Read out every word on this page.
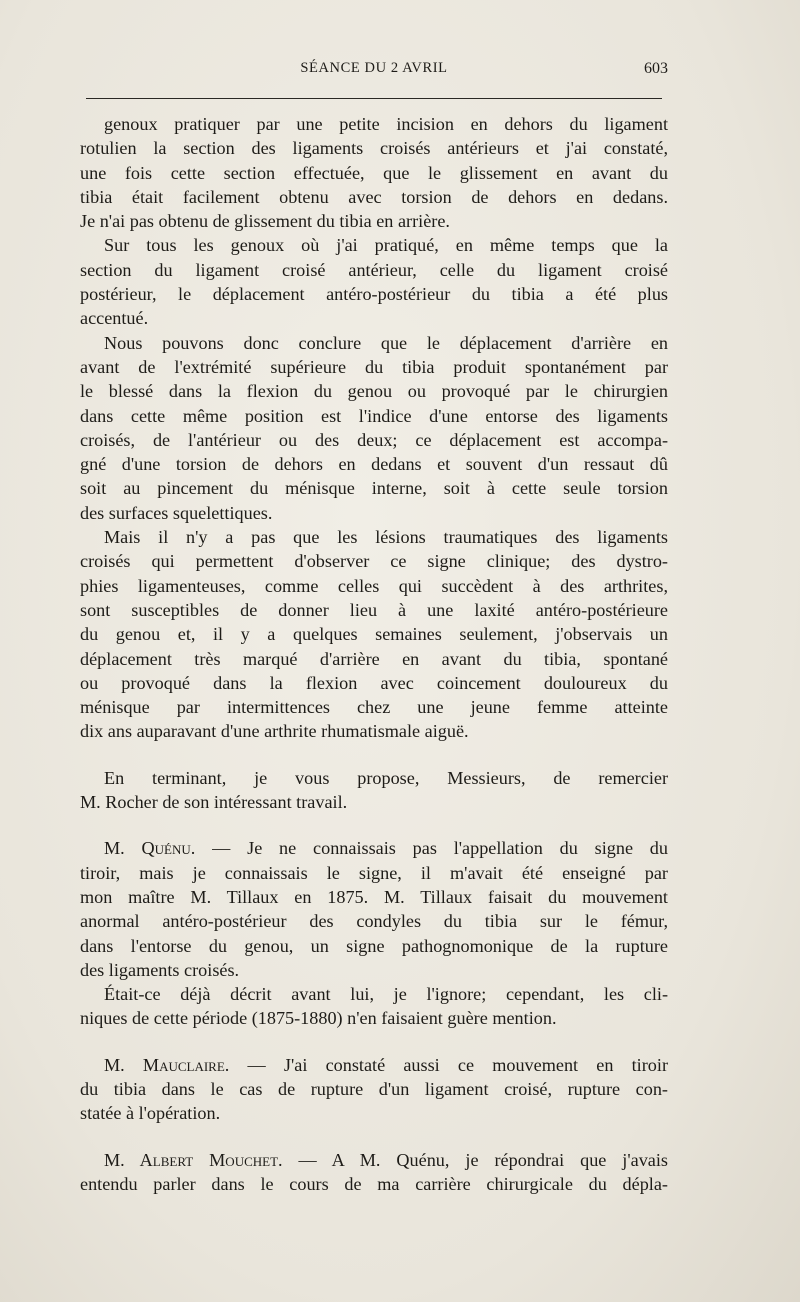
SÉANCE DU 2 AVRIL	603
genoux pratiquer par une petite incision en dehors du ligament
rotulien la section des ligaments croisés antérieurs et j'ai constaté,
une fois cette section effectuée, que le glissement en avant du
tibia était facilement obtenu avec torsion de dehors en dedans.
Je n'ai pas obtenu de glissement du tibia en arrière.
Sur tous les genoux où j'ai pratiqué, en même temps que la
section du ligament croisé antérieur, celle du ligament croisé
postérieur, le déplacement antéro-postérieur du tibia a été plus
accentué.
Nous pouvons donc conclure que le déplacement d'arrière en
avant de l'extrémité supérieure du tibia produit spontanément par
le blessé dans la flexion du genou ou provoqué par le chirurgien
dans cette même position est l'indice d'une entorse des ligaments
croisés, de l'antérieur ou des deux; ce déplacement est accompa-
gné d'une torsion de dehors en dedans et souvent d'un ressaut dû
soit au pincement du ménisque interne, soit à cette seule torsion
des surfaces squelettiques.
Mais il n'y a pas que les lésions traumatiques des ligaments
croisés qui permettent d'observer ce signe clinique; des dystro-
phies ligamenteuses, comme celles qui succèdent à des arthrites,
sont susceptibles de donner lieu à une laxité antéro-postérieure
du genou et, il y a quelques semaines seulement, j'observais un
déplacement très marqué d'arrière en avant du tibia, spontané
ou provoqué dans la flexion avec coincement douloureux du
ménisque par intermittences chez une jeune femme atteinte
dix ans auparavant d'une arthrite rhumatismale aiguë.
En terminant, je vous propose, Messieurs, de remercier
M. Rocher de son intéressant travail.
M. Quénu. — Je ne connaissais pas l'appellation du signe du
tiroir, mais je connaissais le signe, il m'avait été enseigné par
mon maître M. Tillaux en 1875. M. Tillaux faisait du mouvement
anormal antéro-postérieur des condyles du tibia sur le fémur,
dans l'entorse du genou, un signe pathognomonique de la rupture
des ligaments croisés.
Était-ce déjà décrit avant lui, je l'ignore; cependant, les cli-
niques de cette période (1875-1880) n'en faisaient guère mention.
M. Mauclaire. — J'ai constaté aussi ce mouvement en tiroir
du tibia dans le cas de rupture d'un ligament croisé, rupture con-
statée à l'opération.
M. Albert Mouchet. — A M. Quénu, je répondrai que j'avais
entendu parler dans le cours de ma carrière chirurgicale du dépla-
